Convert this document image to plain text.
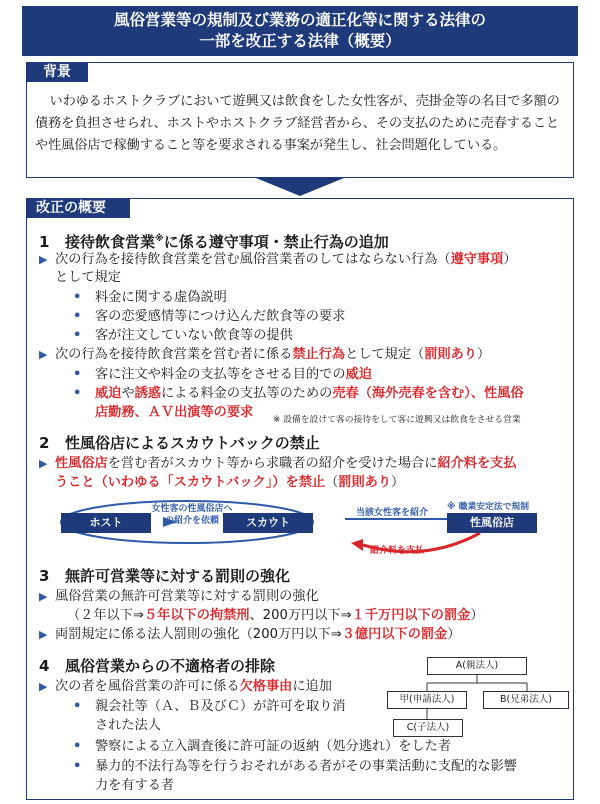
風俗営業等の規制及び業務の適正化等に関する法律の
一部を改正する法律（概要）
背景
いわゆるホストクラブにおいて遊興又は飲食をした女性客が、売掛金等の名目で多額の債務を負担させられ、ホストやホストクラブ経営者から、その支払のために売春することや性風俗店で稼働すること等を要求される事案が発生し、社会問題化している。
改正の概要
1 接待飲食営業※に係る遵守事項・禁止行為の追加
▶ 次の行為を接待飲食営業を営む風俗営業者のしてはならない行為（遵守事項）
として規定
• 料金に関する虚偽説明
• 客の恋愛感情等につけ込んだ飲食等の要求
• 客が注文していない飲食等の提供
▶ 次の行為を接待飲食営業を営む者に係る禁止行為として規定（罰則あり）
• 客に注文や料金の支払等をさせる目的での威迫
• 威迫や誘惑による料金の支払等のための売春（海外売春を含む）、性風俗
店勤務、ＡＶ出演等の要求 ※ 設備を設けて客の接待をして客に遊興又は飲食をさせる営業
2 性風俗店によるスカウトバックの禁止
▶ 性風俗店を営む者がスカウト等から求職者の紹介を受けた場合に紹介料を支払
うこと（いわゆる「スカウトバック」）を禁止（罰則あり）
ホスト	スカウト
女性客の性風俗店への紹介を依頼
当該女性客を紹介
性風俗店
※ 職業安定法で規制
紹介料を支払
3 無許可営業等に対する罰則の強化
▶ 風俗営業の無許可営業等に対する罰則の強化
（２年以下⇒５年以下の拘禁刑、200万円以下⇒１千万円以下の罰金）
▶ 両罰規定に係る法人罰則の強化（200万円以下⇒３億円以下の罰金）
4 風俗営業からの不適格者の排除
▶ 次の者を風俗営業の許可に係る欠格事由に追加
• 親会社等（Ａ、Ｂ及びＣ）が許可を取り消
された法人
• 警察による立入調査後に許可証の返納（処分逃れ）をした者
• 暴力的不法行為等を行うおそれがある者がその事業活動に支配的な影響
力を有する者
A(親法人)
甲(申請法人)	B(兄弟法人)
C(子法人)
